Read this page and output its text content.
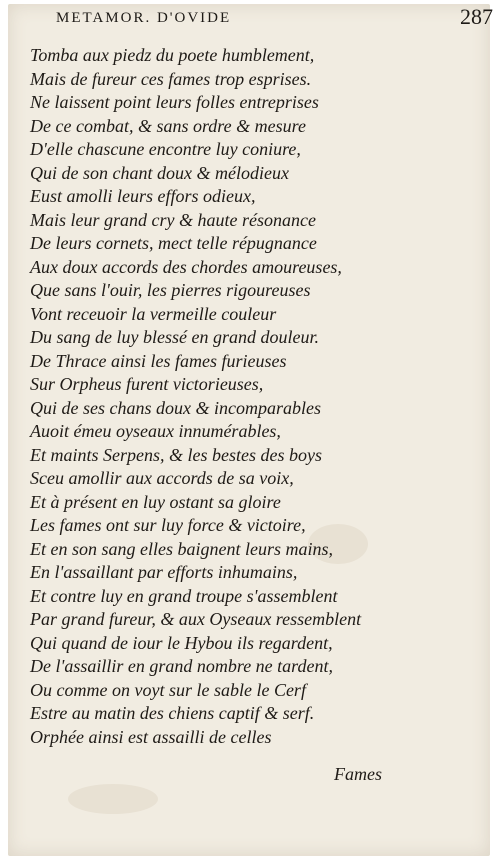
METAMOR. D'OVIDE	287
Tomba aux piedz du poete humblement,
Mais de fureur ces fames trop esprises.
Ne laissent point leurs folles entreprises
De ce combat, & sans ordre & mesure
D'elle chascune encontre luy coniure,
Qui de son chant doux & mélodieux
Eust amolli leurs effors odieux,
Mais leur grand cry & haute résonance
De leurs cornets, mect telle répugnance
Aux doux accords des chordes amoureuses,
Que sans l'ouir, les pierres rigoureuses
Vont receuoir la vermeille couleur
Du sang de luy blessé en grand douleur.
De Thrace ainsi les fames furieuses
Sur Orpheus furent victorieuses,
Qui de ses chans doux & incomparables
Auoit émeu oyseaux innumérables,
Et maints Serpens, & les bestes des boys
Sceu amollir aux accords de sa voix,
Et à présent en luy ostant sa gloire
Les fames ont sur luy force & victoire,
Et en son sang elles baignent leurs mains,
En l'assaillant par efforts inhumains,
Et contre luy en grand troupe s'assemblent
Par grand fureur, & aux Oyseaux ressemblent
Qui quand de iour le Hybou ils regardent,
De l'assaillir en grand nombre ne tardent,
Ou comme on voyt sur le sable le Cerf
Estre au matin des chiens captif & serf.
Orphée ainsi est assailli de celles
Fames
